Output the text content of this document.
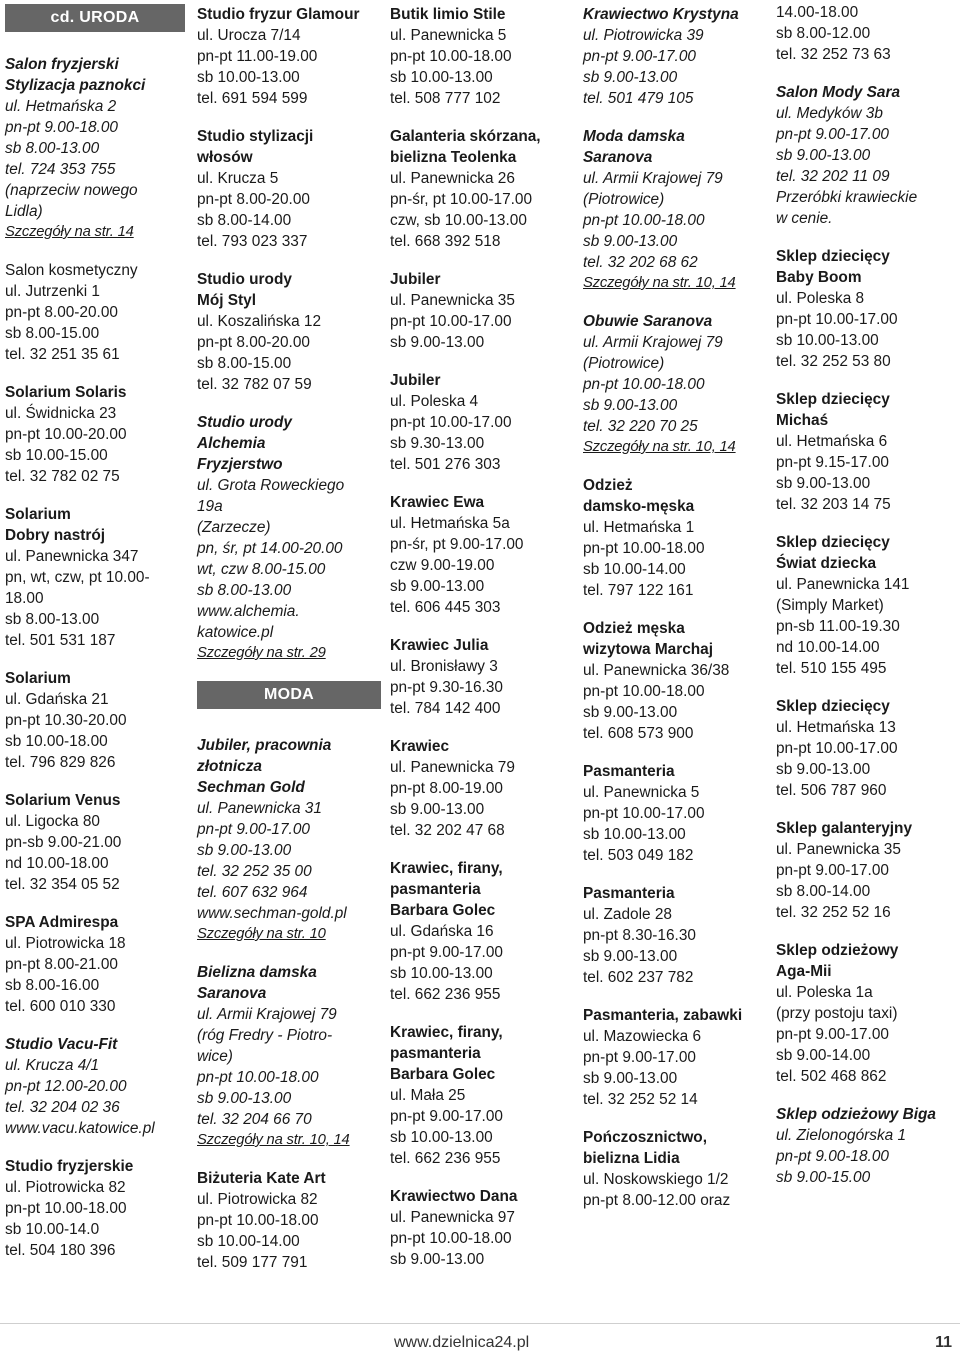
cd. URODA
Salon fryzjerski
Stylizacja paznokci
ul. Hetmańska 2
pn-pt 9.00-18.00
sb 8.00-13.00
tel. 724 353 755
(naprzeciw nowego
Lidla)
Szczegóły na str. 14
Salon kosmetyczny
ul. Jutrzenki 1
pn-pt 8.00-20.00
sb 8.00-15.00
tel. 32 251 35 61
Solarium Solaris
ul. Świdnicka 23
pn-pt 10.00-20.00
sb 10.00-15.00
tel. 32 782 02 75
Solarium
Dobry nastrój
ul. Panewnicka 347
pn, wt, czw, pt 10.00-
18.00
sb 8.00-13.00
tel. 501 531 187
Solarium
ul. Gdańska 21
pn-pt 10.30-20.00
sb 10.00-18.00
tel. 796 829 826
Solarium Venus
ul. Ligocka 80
pn-sb 9.00-21.00
nd 10.00-18.00
tel. 32 354 05 52
SPA Admirespa
ul. Piotrowicka 18
pn-pt 8.00-21.00
sb 8.00-16.00
tel. 600 010 330
Studio Vacu-Fit
ul. Krucza 4/1
pn-pt 12.00-20.00
tel. 32 204 02 36
www.vacu.katowice.pl
Studio fryzjerskie
ul. Piotrowicka 82
pn-pt 10.00-18.00
sb 10.00-14.0
tel. 504 180 396
Studio fryzur Glamour
ul. Urocza 7/14
pn-pt 11.00-19.00
sb 10.00-13.00
tel. 691 594 599
Studio stylizacji
włosów
ul. Krucza 5
pn-pt 8.00-20.00
sb 8.00-14.00
tel. 793 023 337
Studio urody
Mój Styl
ul. Koszalińska 12
pn-pt 8.00-20.00
sb 8.00-15.00
tel. 32 782 07 59
Studio urody
Alchemia
Fryzjerstwo
ul. Grota Roweckiego
19a
(Zarzecze)
pn, śr, pt 14.00-20.00
wt, czw 8.00-15.00
sb 8.00-13.00
www.alchemia.
katowice.pl
Szczegóły na str. 29
MODA
Jubiler, pracownia
złotnicza
Sechman Gold
ul. Panewnicka 31
pn-pt 9.00-17.00
sb 9.00-13.00
tel. 32 252 35 00
tel. 607 632 964
www.sechman-gold.pl
Szczegóły na str. 10
Bielizna damska
Saranova
ul. Armii Krajowej 79
(róg Fredry - Piotro-
wice)
pn-pt 10.00-18.00
sb 9.00-13.00
tel. 32 204 66 70
Szczegóły na str. 10, 14
Biżuteria Kate Art
ul. Piotrowicka 82
pn-pt 10.00-18.00
sb 10.00-14.00
tel. 509 177 791
Butik limio Stile
ul. Panewnicka 5
pn-pt 10.00-18.00
sb 10.00-13.00
tel. 508 777 102
Galanteria skórzana,
bielizna Teolenka
ul. Panewnicka 26
pn-śr, pt 10.00-17.00
czw, sb 10.00-13.00
tel. 668 392 518
Jubiler
ul. Panewnicka 35
pn-pt 10.00-17.00
sb 9.00-13.00
Jubiler
ul. Poleska 4
pn-pt 10.00-17.00
sb 9.30-13.00
tel. 501 276 303
Krawiec Ewa
ul. Hetmańska 5a
pn-śr, pt 9.00-17.00
czw 9.00-19.00
sb 9.00-13.00
tel. 606 445 303
Krawiec Julia
ul. Bronisławy 3
pn-pt 9.30-16.30
tel. 784 142 400
Krawiec
ul. Panewnicka 79
pn-pt 8.00-19.00
sb 9.00-13.00
tel. 32 202 47 68
Krawiec, firany,
pasmanteria
Barbara Golec
ul. Gdańska 16
pn-pt 9.00-17.00
sb 10.00-13.00
tel. 662 236 955
Krawiec, firany,
pasmanteria
Barbara Golec
ul. Mała 25
pn-pt 9.00-17.00
sb 10.00-13.00
tel. 662 236 955
Krawiectwo Dana
ul. Panewnicka 97
pn-pt 10.00-18.00
sb 9.00-13.00
Krawiectwo Krystyna
ul. Piotrowicka 39
pn-pt 9.00-17.00
sb 9.00-13.00
tel. 501 479 105
Moda damska
Saranova
ul. Armii Krajowej 79
(Piotrowice)
pn-pt 10.00-18.00
sb 9.00-13.00
tel. 32 202 68 62
Szczegóły na str. 10, 14
Obuwie Saranova
ul. Armii Krajowej 79
(Piotrowice)
pn-pt 10.00-18.00
sb 9.00-13.00
tel. 32 220 70 25
Szczegóły na str. 10, 14
Odzież
damsko-męska
ul. Hetmańska 1
pn-pt 10.00-18.00
sb 10.00-14.00
tel. 797 122 161
Odzież męska
wizytowa Marchaj
ul. Panewnicka 36/38
pn-pt 10.00-18.00
sb 9.00-13.00
tel. 608 573 900
Pasmanteria
ul. Panewnicka 5
pn-pt 10.00-17.00
sb 10.00-13.00
tel. 503 049 182
Pasmanteria
ul. Zadole 28
pn-pt 8.30-16.30
sb 9.00-13.00
tel. 602 237 782
Pasmanteria, zabawki
ul. Mazowiecka 6
pn-pt 9.00-17.00
sb 9.00-13.00
tel. 32 252 52 14
Pończosznictwo,
bielizna Lidia
ul. Noskowskiego 1/2
pn-pt 8.00-12.00 oraz
14.00-18.00
sb 8.00-12.00
tel. 32 252 73 63
Salon Mody Sara
ul. Medyków 3b
pn-pt 9.00-17.00
sb 9.00-13.00
tel. 32 202 11 09
Przeróbki krawieckie
w cenie.
Sklep dziecięcy
Baby Boom
ul. Poleska 8
pn-pt 10.00-17.00
sb 10.00-13.00
tel. 32 252 53 80
Sklep dziecięcy
Michaś
ul. Hetmańska 6
pn-pt 9.15-17.00
sb 9.00-13.00
tel. 32 203 14 75
Sklep dziecięcy
Świat dziecka
ul. Panewnicka 141
(Simply Market)
pn-sb 11.00-19.30
nd 10.00-14.00
tel. 510 155 495
Sklep dziecięcy
ul. Hetmańska 13
pn-pt 10.00-17.00
sb 9.00-13.00
tel. 506 787 960
Sklep galanteryjny
ul. Panewnicka 35
pn-pt 9.00-17.00
sb 8.00-14.00
tel. 32 252 52 16
Sklep odzieżowy
Aga-Mii
ul. Poleska 1a
(przy postoju taxi)
pn-pt 9.00-17.00
sb 9.00-14.00
tel. 502 468 862
Sklep odzieżowy Biga
ul. Zielonogórska 1
pn-pt 9.00-18.00
sb 9.00-15.00
www.dzielnica24.pl	11
